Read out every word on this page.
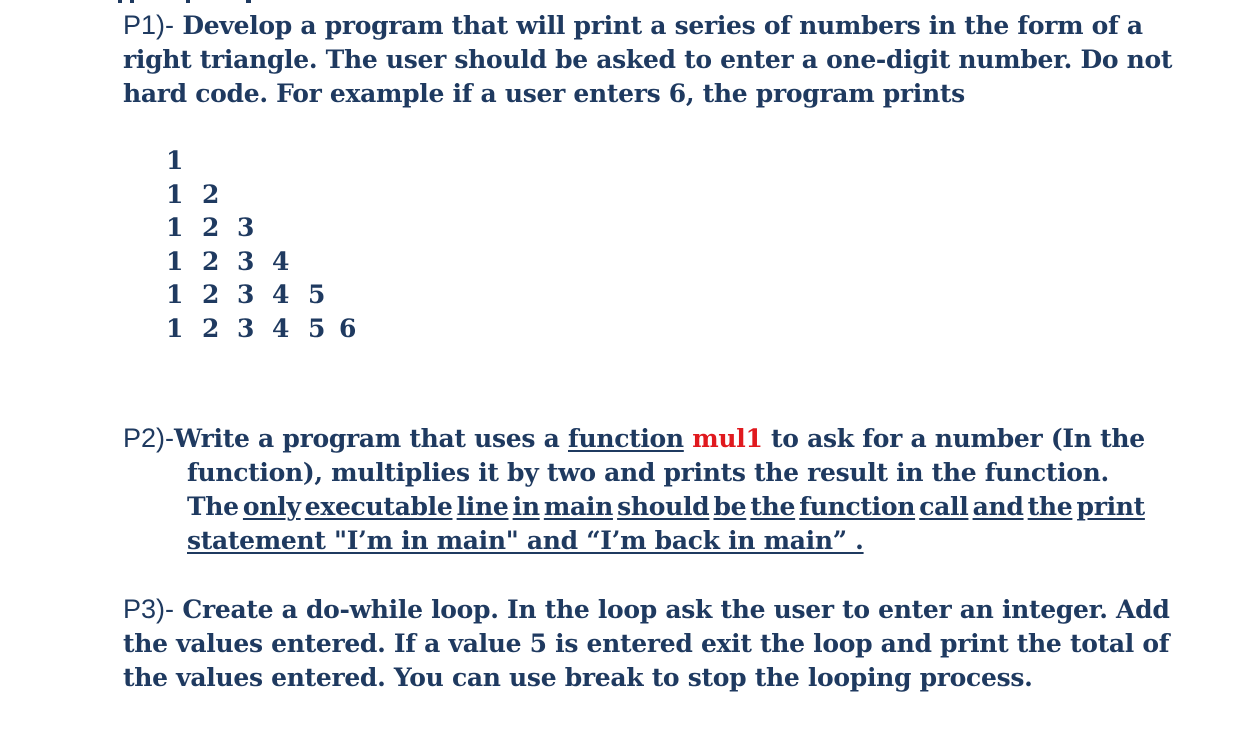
P1)- Develop a program that will print a series of numbers in the form of a
right triangle. The user should be asked to enter a one-digit number. Do not
hard code. For example if a user enters 6, the program prints
1
1 2
1 2 3
1 2 3 4
1 2 3 4 5
1 2 3 4 5 6
P2)-Write a program that uses a function mul1 to ask for a number (In the
function), multiplies it by two and prints the result in the function.
The only executable line in main should be the function call and the print
statement "I’m in main" and “I’m back in main” .
P3)- Create a do-while loop. In the loop ask the user to enter an integer. Add
the values entered. If a value 5 is entered exit the loop and print the total of
the values entered. You can use break to stop the looping process.
